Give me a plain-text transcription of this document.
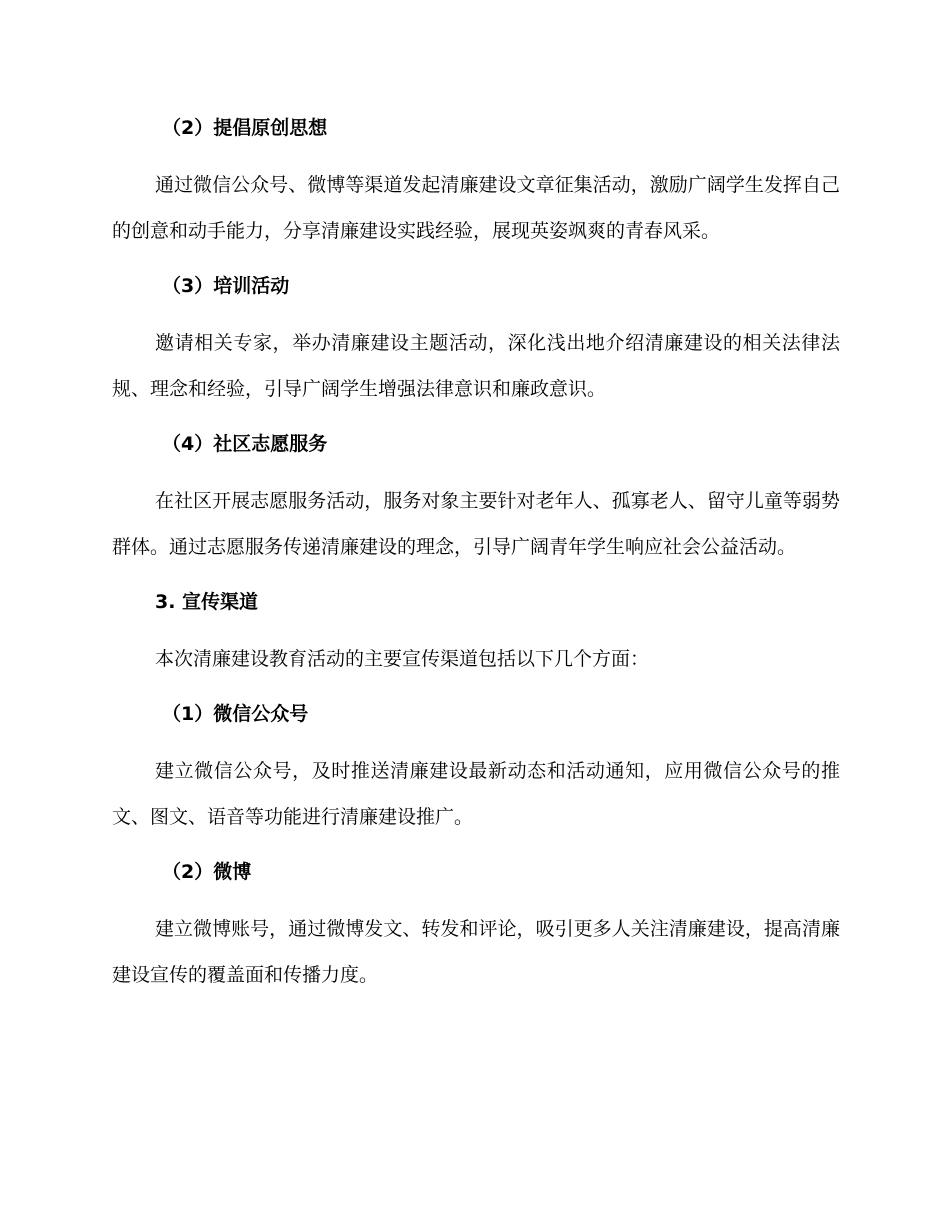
（2）提倡原创思想

通过微信公众号、微博等渠道发起清廉建设文章征集活动，激励广阔学生发挥自己的创意和动手能力，分享清廉建设实践经验，展现英姿飒爽的青春风采。

（3）培训活动

邀请相关专家，举办清廉建设主题活动，深化浅出地介绍清廉建设的相关法律法规、理念和经验，引导广阔学生增强法律意识和廉政意识。

（4）社区志愿服务

在社区开展志愿服务活动，服务对象主要针对老年人、孤寡老人、留守儿童等弱势群体。通过志愿服务传递清廉建设的理念，引导广阔青年学生响应社会公益活动。

3. 宣传渠道

本次清廉建设教育活动的主要宣传渠道包括以下几个方面：

（1）微信公众号

建立微信公众号，及时推送清廉建设最新动态和活动通知，应用微信公众号的推文、图文、语音等功能进行清廉建设推广。

（2）微博

建立微博账号，通过微博发文、转发和评论，吸引更多人关注清廉建设，提高清廉建设宣传的覆盖面和传播力度。
